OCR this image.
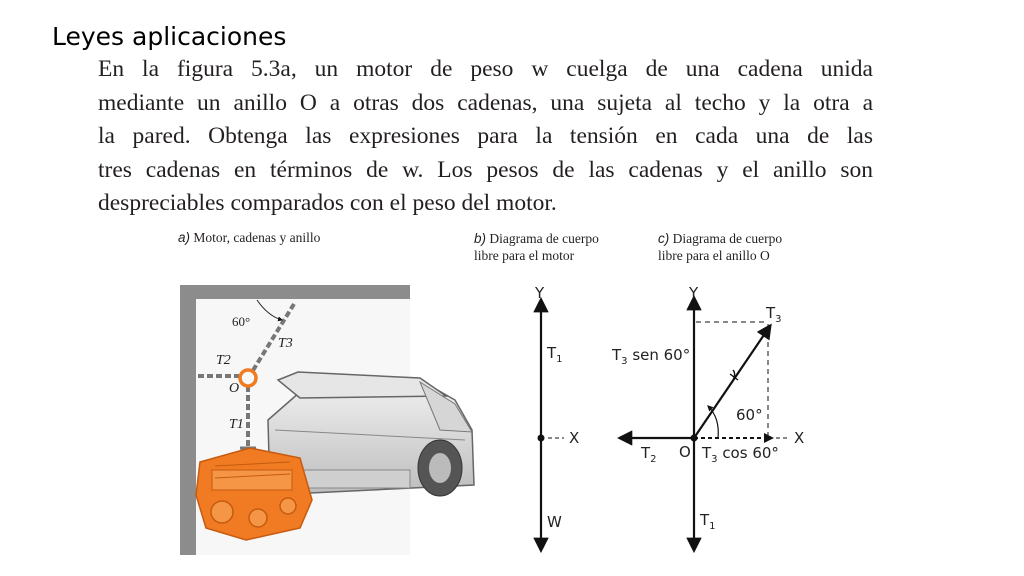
Leyes aplicaciones
En la figura 5.3a, un motor de peso w cuelga de una cadena unida
mediante un anillo O a otras dos cadenas, una sujeta al techo y la otra a
la pared. Obtenga las expresiones para la tensión en cada una de las
tres cadenas en términos de w. Los pesos de las cadenas y el anillo son
despreciables comparados con el peso del motor.
a) Motor, cadenas y anillo	b) Diagrama de cuerpo
libre para el motor
c) Diagrama de cuerpo
libre para el anillo O
60°
T3
T2
O
T1
Y
X
$T_1$
W
Y
X
$T_3$
$T_3$ sen 60°
60°
$T_2$ O $T_3$ cos 60°
$T_1$
